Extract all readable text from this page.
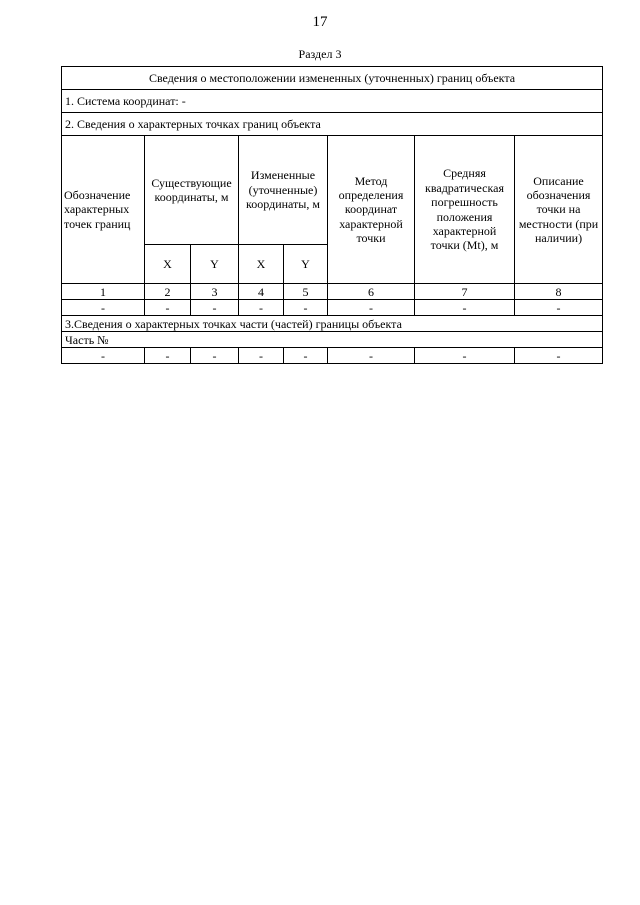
17
Раздел 3
Сведения о местоположении измененных (уточненных) границ объекта							
1. Система координат: -							
2. Сведения о характерных точках границ объекта							
Обозначение характерных точек границ	Существующие координаты, м		Измененные (уточненные) координаты, м		Метод определения координат характерной точки	Средняя квадратическая погрешность положения характерной точки (Mt), м	Описание обозначения точки на местности (при наличии)
	X	Y	X	Y			
1	2	3	4	5	6	7	8
-	-	-	-	-	-	-	-
3.Сведения о характерных точках части (частей) границы объекта							
Часть №							
-	-	-	-	-	-	-	-
